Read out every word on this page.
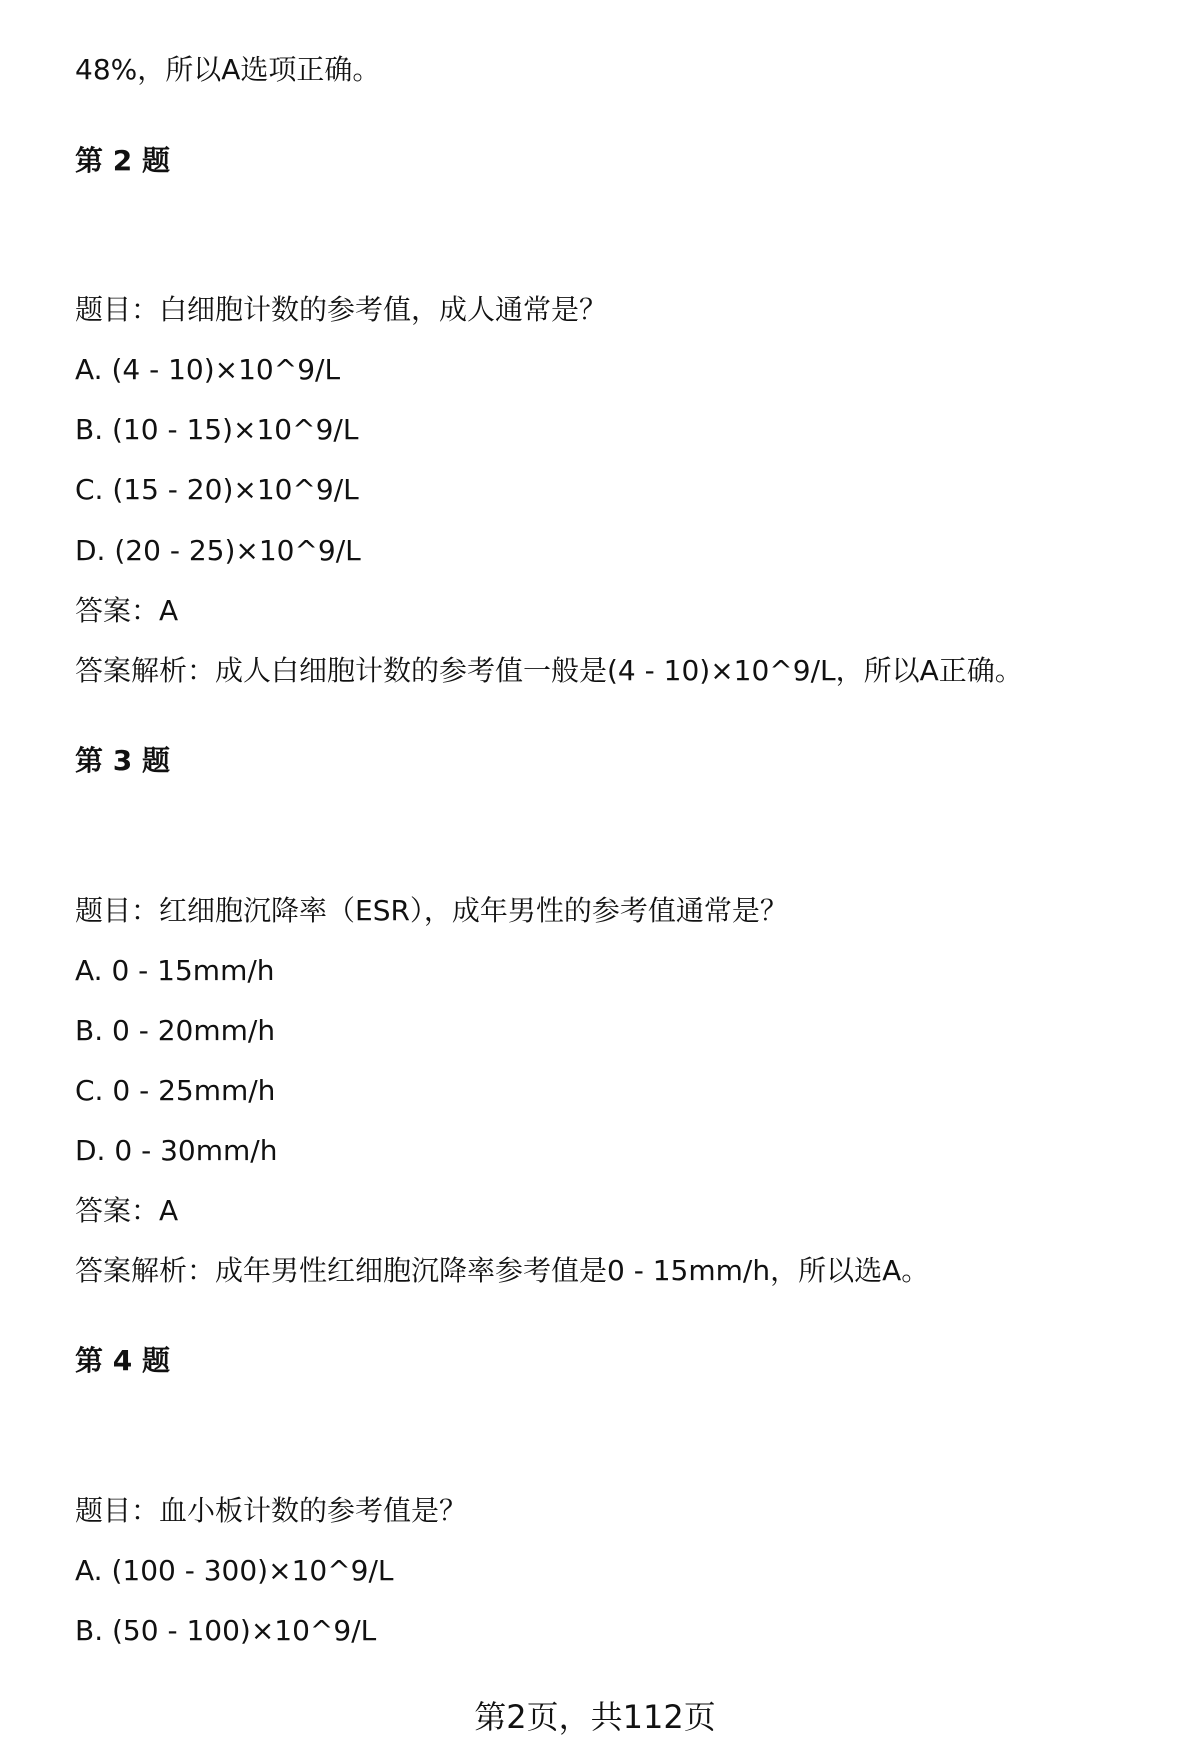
48%，所以A选项正确。
第 2 题
题目：白细胞计数的参考值，成人通常是？
A. (4 - 10)×10^9/L
B. (10 - 15)×10^9/L
C. (15 - 20)×10^9/L
D. (20 - 25)×10^9/L
答案：A
答案解析：成人白细胞计数的参考值一般是(4 - 10)×10^9/L，所以A正确。
第 3 题
题目：红细胞沉降率（ESR），成年男性的参考值通常是？
A. 0 - 15mm/h
B. 0 - 20mm/h
C. 0 - 25mm/h
D. 0 - 30mm/h
答案：A
答案解析：成年男性红细胞沉降率参考值是0 - 15mm/h，所以选A。
第 4 题
题目：血小板计数的参考值是？
A. (100 - 300)×10^9/L
B. (50 - 100)×10^9/L
第2页，共112页
